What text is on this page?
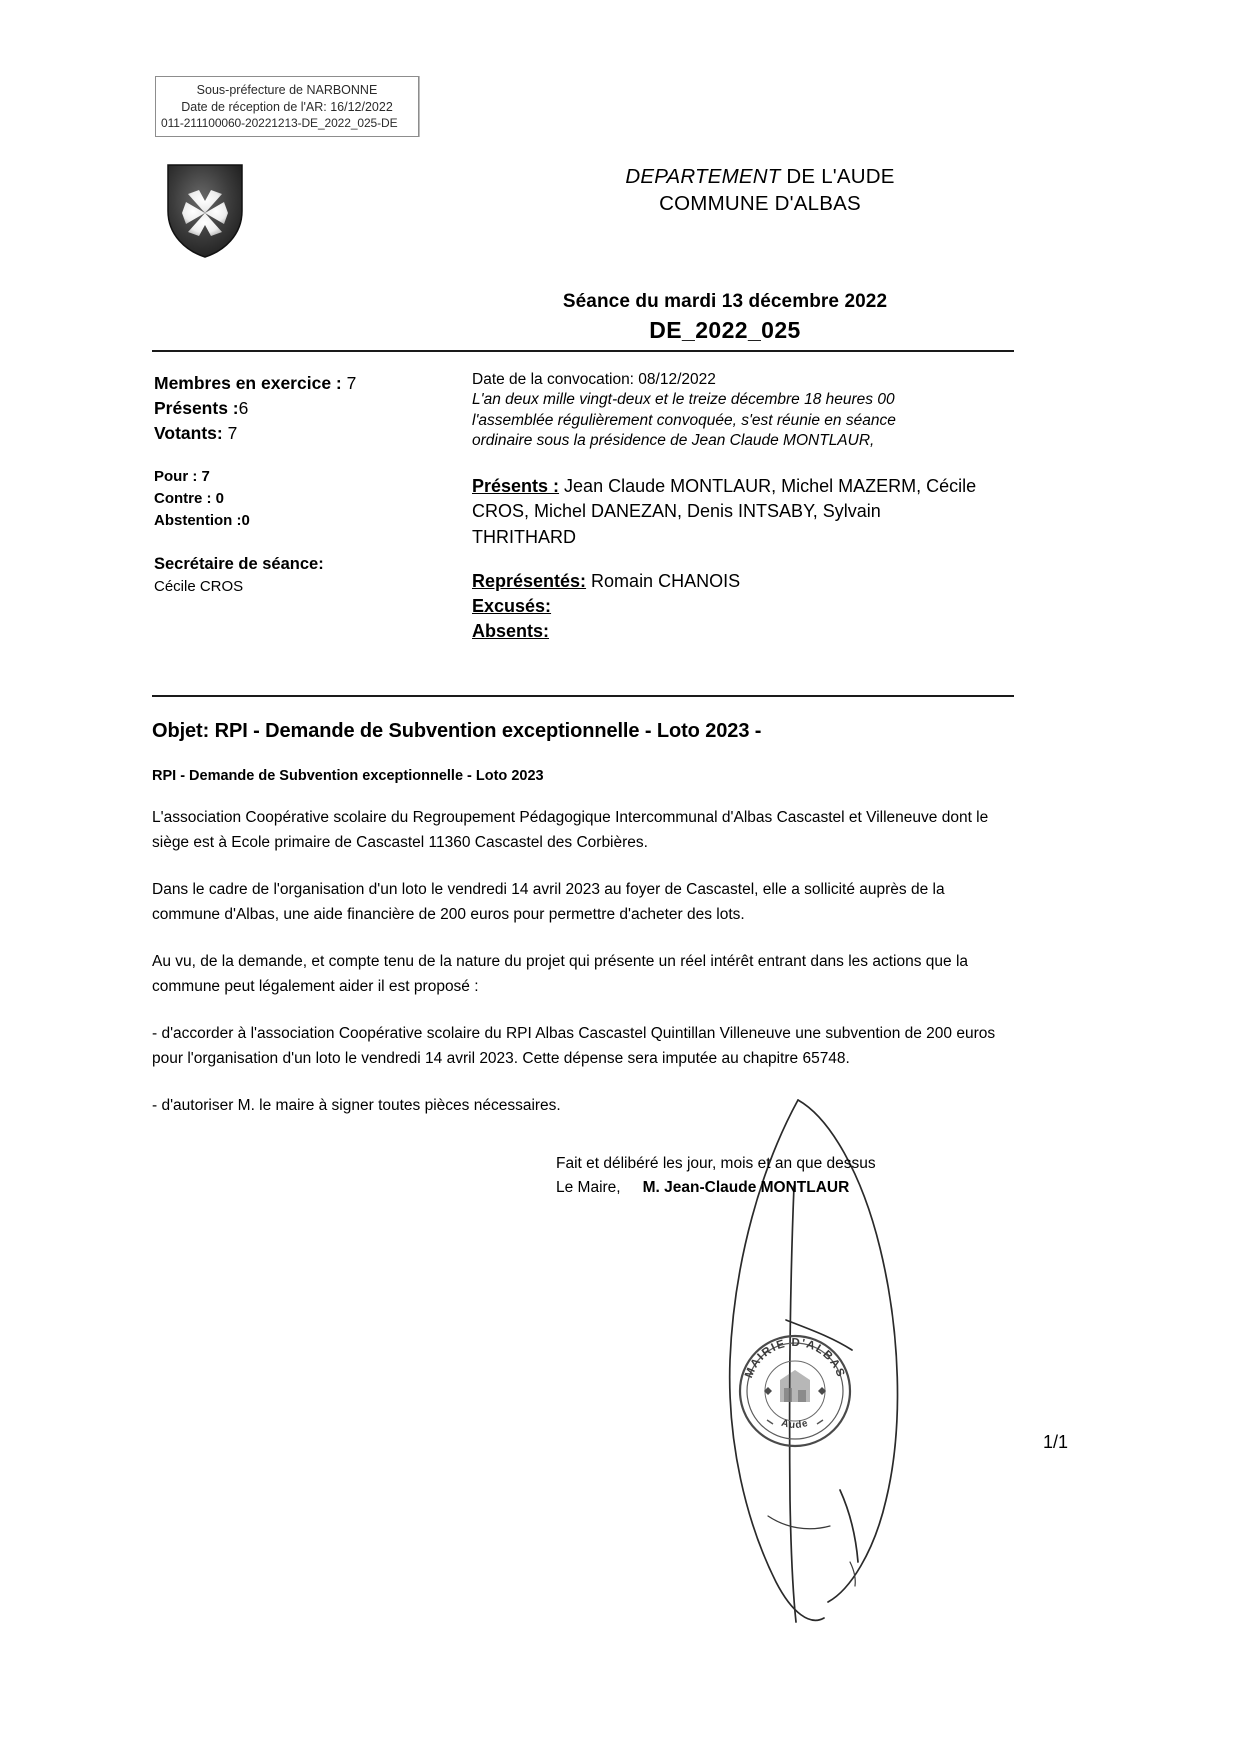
Sous-préfecture de NARBONNE
Date de réception de l'AR: 16/12/2022
011-211100060-20221213-DE_2022_025-DE
DEPARTEMENT DE L'AUDE
COMMUNE D'ALBAS
Séance du mardi 13 décembre 2022
DE_2022_025
Membres en exercice : 7
Présents :6
Votants: 7
Pour : 7
Contre : 0
Abstention :0
Secrétaire de séance:
Cécile CROS
Date de la convocation: 08/12/2022
L'an deux mille vingt-deux et le treize décembre 18 heures 00
l'assemblée régulièrement convoquée, s'est réunie en séance
ordinaire sous la présidence de Jean Claude MONTLAUR,
Présents : Jean Claude MONTLAUR, Michel MAZERM, Cécile CROS, Michel DANEZAN, Denis INTSABY, Sylvain THRITHARD
Représentés: Romain CHANOIS
Excusés:
Absents:
Objet: RPI - Demande de Subvention exceptionnelle - Loto 2023 -
RPI - Demande de Subvention exceptionnelle - Loto 2023

L'association Coopérative scolaire du Regroupement Pédagogique Intercommunal d'Albas Cascastel et Villeneuve dont le siège est à Ecole primaire de Cascastel 11360 Cascastel des Corbières.

Dans le cadre de l'organisation d'un loto le vendredi 14 avril 2023 au foyer de Cascastel, elle a sollicité auprès de la commune d'Albas, une aide financière de 200 euros pour permettre d'acheter des lots.

Au vu, de la demande, et compte tenu de la nature du projet qui présente un réel intérêt entrant dans les actions que la commune peut légalement aider il est proposé :

- d'accorder à l'association Coopérative scolaire du RPI Albas Cascastel Quintillan Villeneuve une subvention de 200 euros pour l'organisation d'un loto le vendredi 14 avril 2023. Cette dépense sera imputée au chapitre 65748.

- d'autoriser M. le maire à signer toutes pièces nécessaires.

MAIRIE D'ALBAS
Aude
Fait et délibéré les jour, mois et an que dessus
Le Maire, M. Jean-Claude MONTLAUR
1/1
